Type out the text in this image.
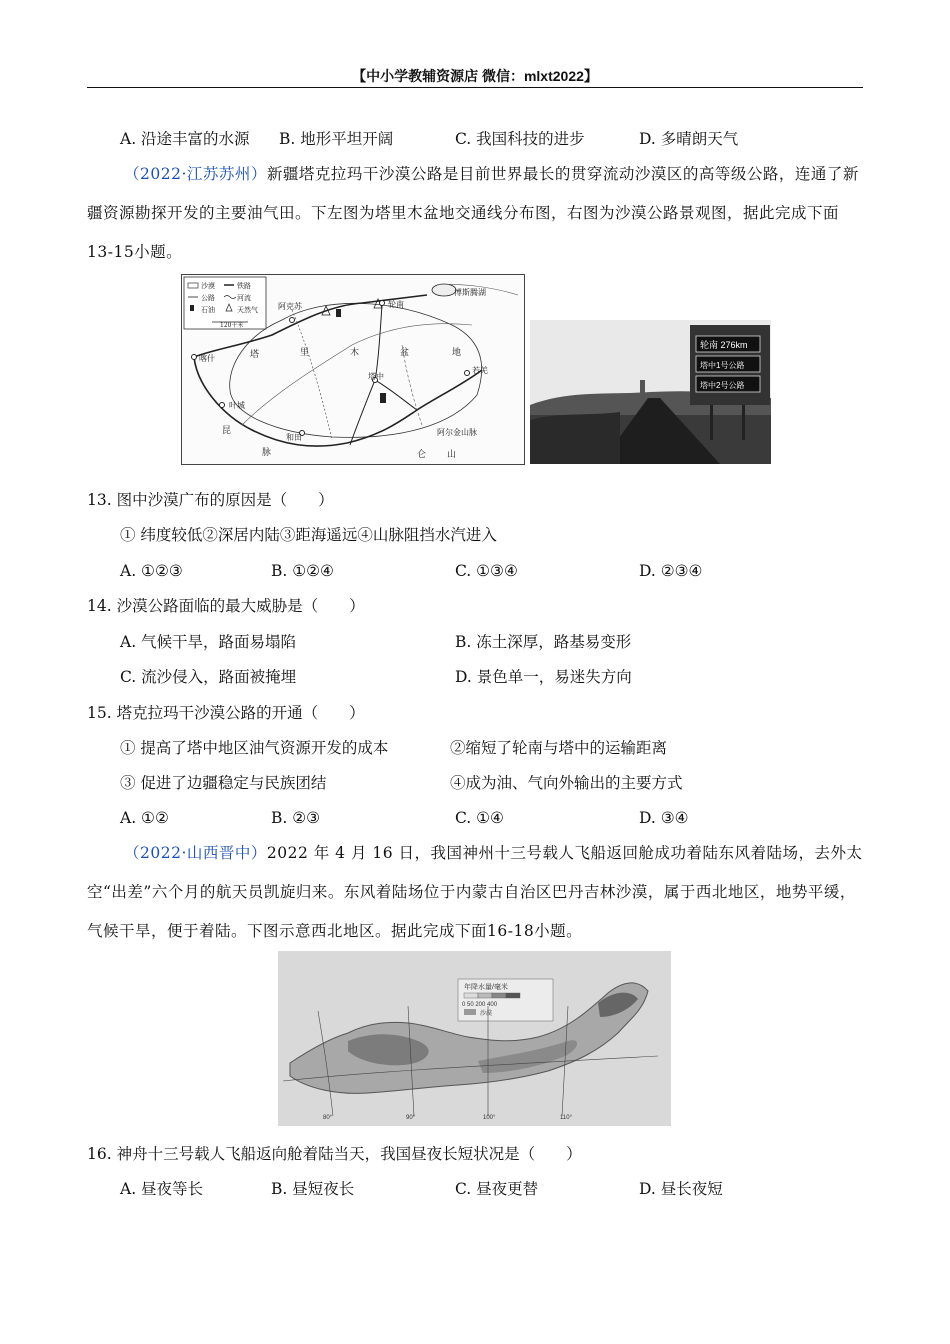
【中小学教辅资源店 微信：mlxt2022】
A. 沿途丰富的水源 B. 地形平坦开阔	C. 我国科技的进步	D. 多晴朗天气
（2022·江苏苏州）新疆塔克拉玛干沙漠公路是目前世界最长的贯穿流动沙漠区的高等级公路，连通了新疆资源勘探开发的主要油气田。下左图为塔里木盆地交通线分布图，右图为沙漠公路景观图，据此完成下面13-15小题。
沙漠	铁路
公路	河流
石油	天然气
120千米
阿克苏	轮南
博斯腾湖
喀什	塔	里	木	盆	地
塔中
若羌
叶城
和田
阿尔金山脉
昆
仑 山
脉
轮南 276km
塔中1号公路
塔中2号公路
13. 图中沙漠广布的原因是（　　）
① 纬度较低②深居内陆③距海遥远④山脉阻挡水汽进入
A. ①②③	B. ①②④	C. ①③④	D. ②③④
14. 沙漠公路面临的最大威胁是（　　）
A. 气候干旱，路面易塌陷	B. 冻土深厚，路基易变形
C. 流沙侵入，路面被掩埋	D. 景色单一，易迷失方向
15. 塔克拉玛干沙漠公路的开通（　　）
① 提高了塔中地区油气资源开发的成本	②缩短了轮南与塔中的运输距离
③ 促进了边疆稳定与民族团结	④成为油、气向外输出的主要方式
A. ①②	B. ②③	C. ①④	D. ③④
（2022·山西晋中）2022 年 4 月 16 日，我国神州十三号载人飞船返回舱成功着陆东风着陆场，去外太空“出差”六个月的航天员凯旋归来。东风着陆场位于内蒙古自治区巴丹吉林沙漠，属于西北地区，地势平缓，气候干旱，便于着陆。下图示意西北地区。据此完成下面16-18小题。
年降水量/毫米
0 50 200 400
沙漠
80°	90°	100°	110°
16. 神舟十三号载人飞船返向舱着陆当天，我国昼夜长短状况是（　　）
A. 昼夜等长	B. 昼短夜长	C. 昼夜更替	D. 昼长夜短
